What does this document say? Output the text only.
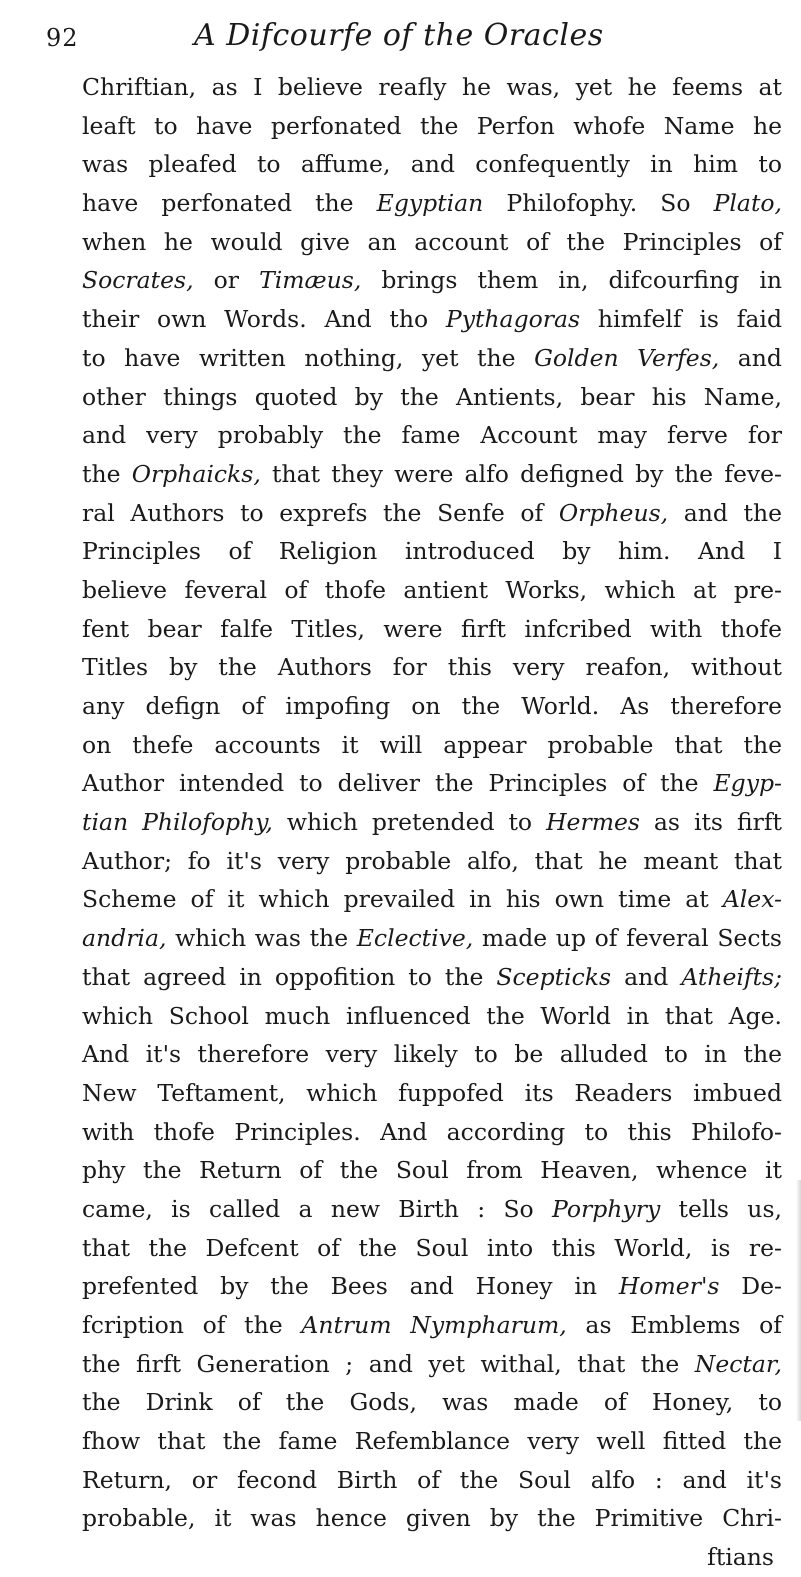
92	A Difcourfe of the Oracles
Chriftian, as I believe reafly he was, yet he feems at
leaft to have perfonated the Perfon whofe Name he
was pleafed to affume, and confequently in him to
have perfonated the Egyptian Philofophy. So Plato,
when he would give an account of the Principles of
Socrates, or Timæus, brings them in, difcourfing in
their own Words. And tho Pythagoras himfelf is faid
to have written nothing, yet the Golden Verfes, and
other things quoted by the Antients, bear his Name,
and very probably the fame Account may ferve for
the Orphaicks, that they were alfo defigned by the feve-
ral Authors to exprefs the Senfe of Orpheus, and the
Principles of Religion introduced by him. And I
believe feveral of thofe antient Works, which at pre-
fent bear falfe Titles, were firft infcribed with thofe
Titles by the Authors for this very reafon, without
any defign of impofing on the World. As therefore
on thefe accounts it will appear probable that the
Author intended to deliver the Principles of the Egyp-
tian Philofophy, which pretended to Hermes as its firft
Author; fo it's very probable alfo, that he meant that
Scheme of it which prevailed in his own time at Alex-
andria, which was the Eclective, made up of feveral Sects
that agreed in oppofition to the Scepticks and Atheifts;
which School much influenced the World in that Age.
And it's therefore very likely to be alluded to in the
New Teftament, which fuppofed its Readers imbued
with thofe Principles. And according to this Philofo-
phy the Return of the Soul from Heaven, whence it
came, is called a new Birth : So Porphyry tells us,
that the Defcent of the Soul into this World, is re-
prefented by the Bees and Honey in Homer's De-
fcription of the Antrum Nympharum, as Emblems of
the firft Generation ; and yet withal, that the Nectar,
the Drink of the Gods, was made of Honey, to
fhow that the fame Refemblance very well fitted the
Return, or fecond Birth of the Soul alfo : and it's
probable, it was hence given by the Primitive Chri-
ftians
